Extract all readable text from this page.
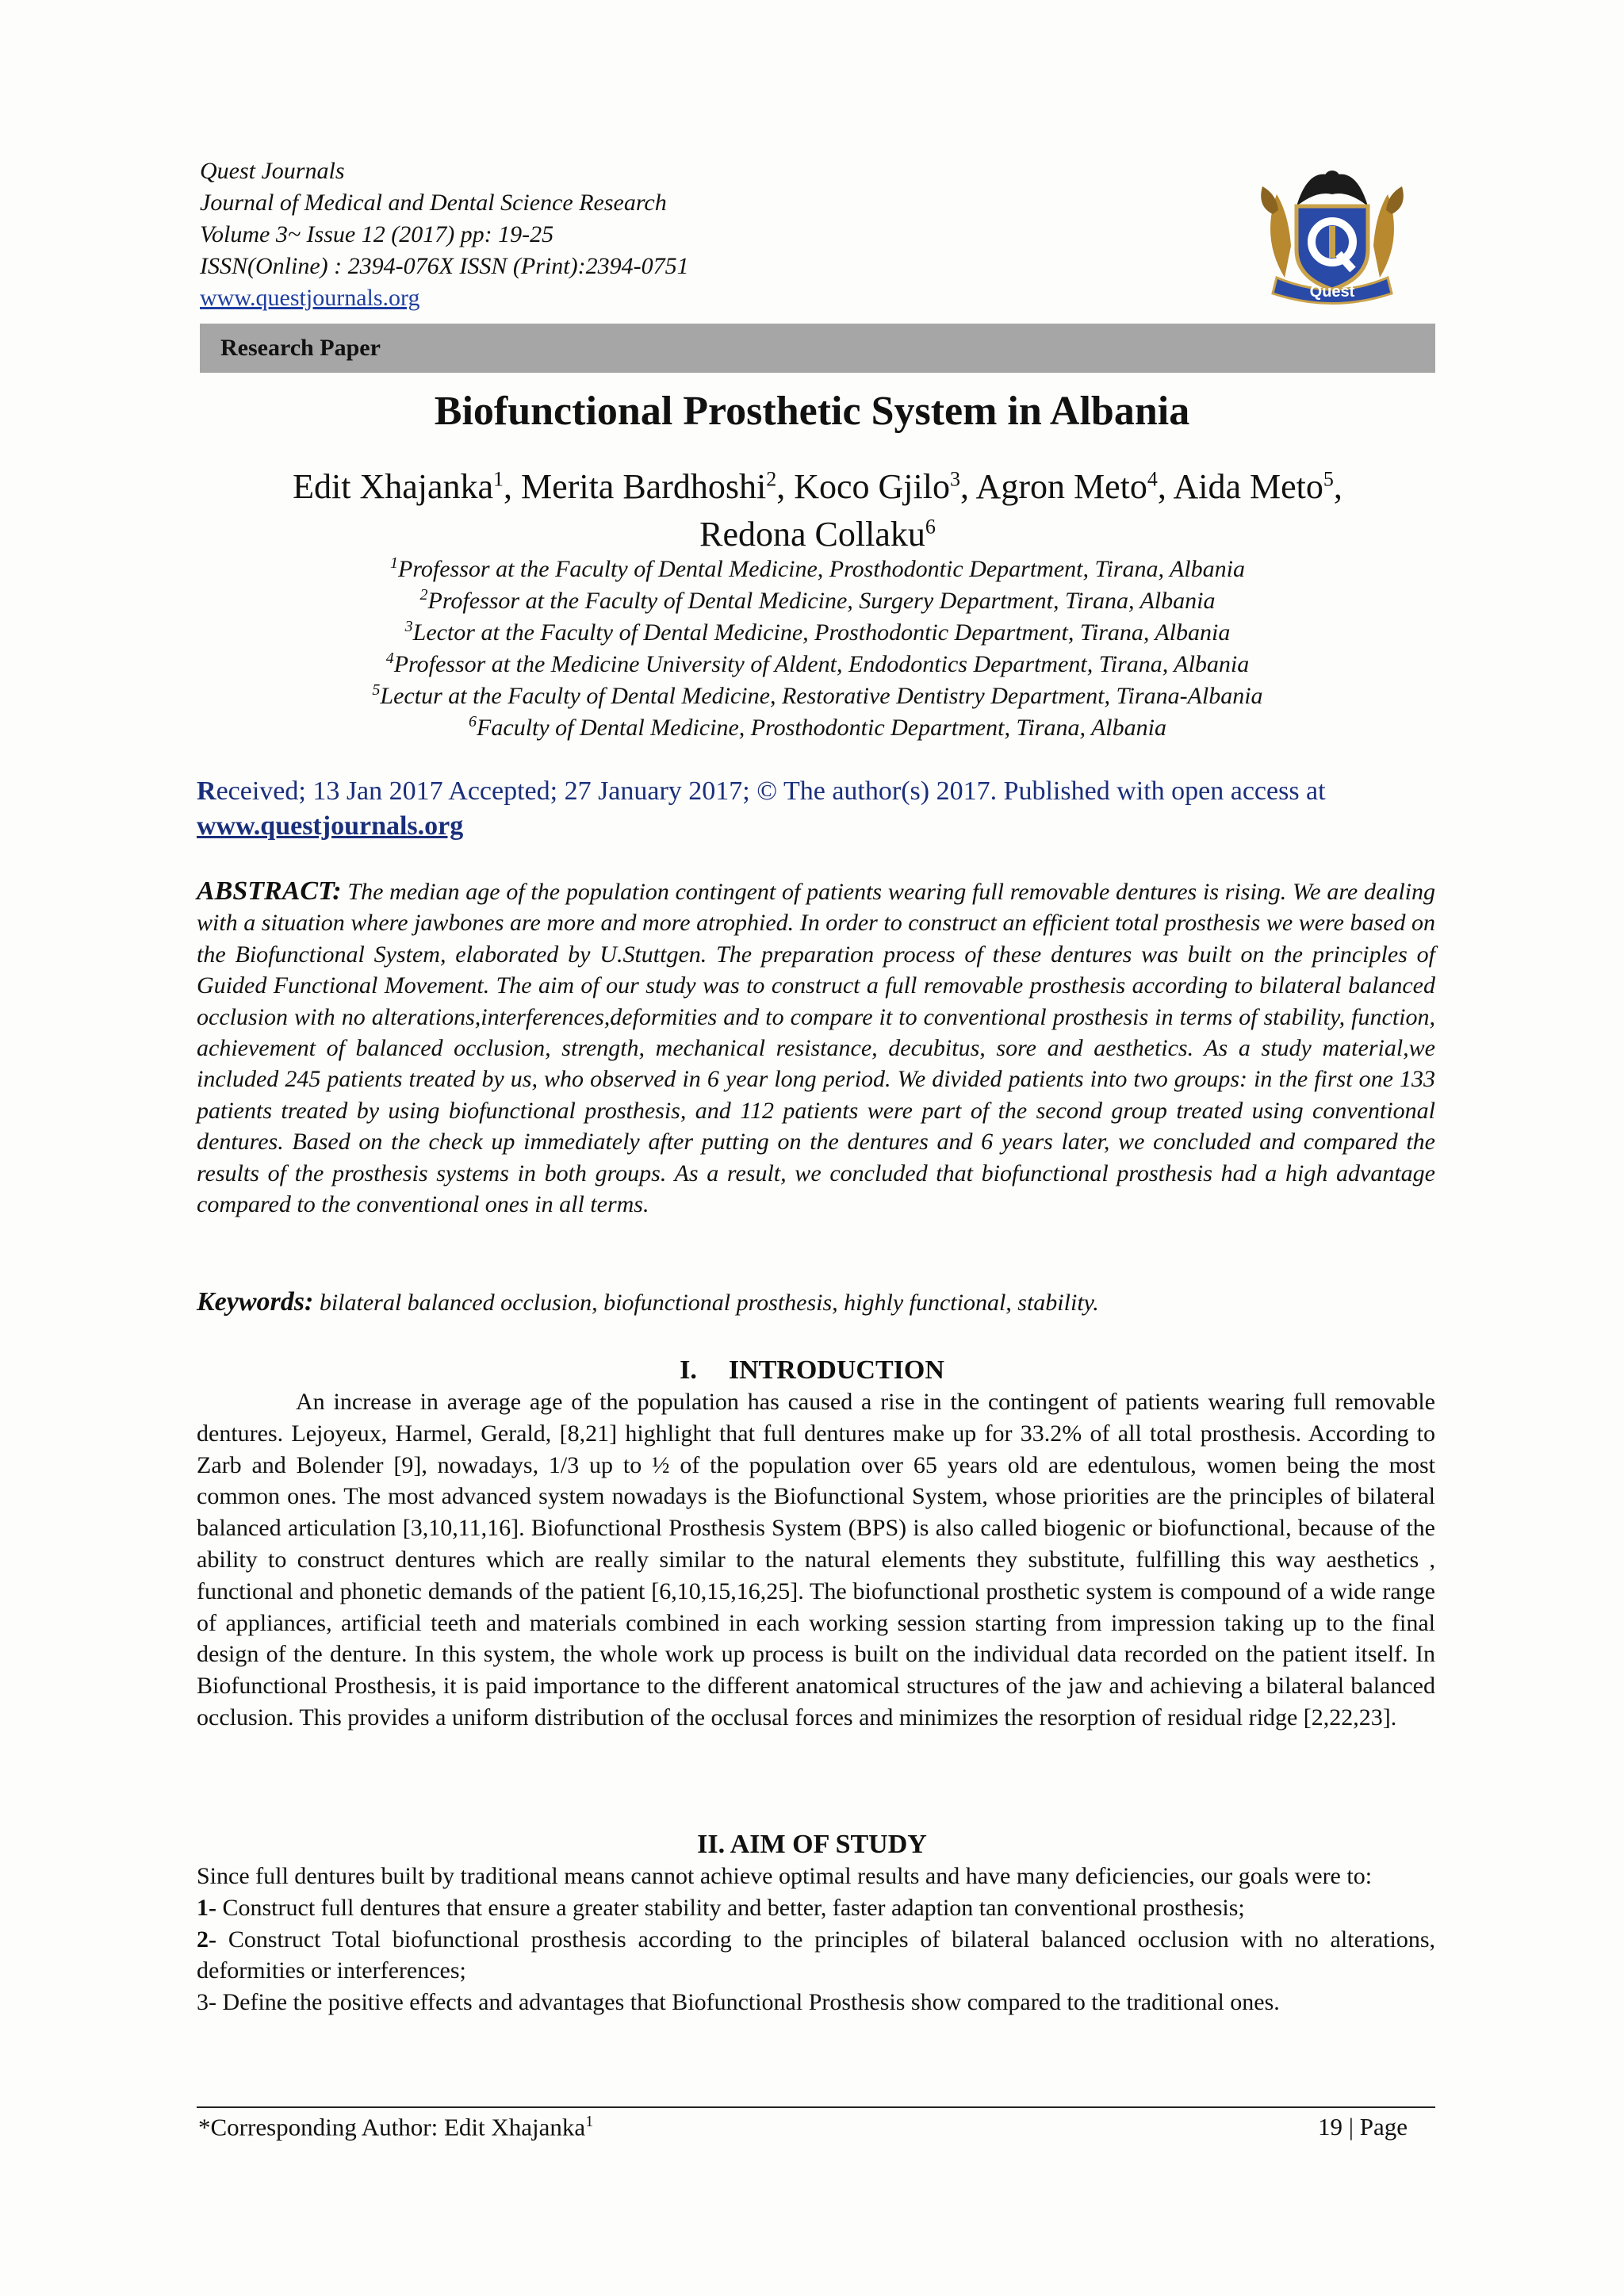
Quest Journals
Journal of Medical and Dental Science Research
Volume 3~ Issue 12 (2017) pp: 19-25
ISSN(Online) : 2394-076X ISSN (Print):2394-0751
www.questjournals.org	Quest
Research Paper
Biofunctional Prosthetic System in Albania
Edit Xhajanka$^1$, Merita Bardhoshi$^2$, Koco Gjilo$^3$, Agron Meto$^4$, Aida Meto$^5$,
Redona Collaku$^6$
$^1$Professor at the Faculty of Dental Medicine, Prosthodontic Department, Tirana, Albania
$^2$Professor at the Faculty of Dental Medicine, Surgery Department, Tirana, Albania
$^3$Lector at the Faculty of Dental Medicine, Prosthodontic Department, Tirana, Albania
$^4$Professor at the Medicine University of Aldent, Endodontics Department, Tirana, Albania
$^5$Lectur at the Faculty of Dental Medicine, Restorative Dentistry Department, Tirana-Albania
$^6$Faculty of Dental Medicine, Prosthodontic Department, Tirana, Albania
Received; 13 Jan 2017 Accepted; 27 January 2017; © The author(s) 2017. Published with open access at www.questjournals.org
ABSTRACT: The median age of the population contingent of patients wearing full removable dentures is rising. We are dealing with a situation where jawbones are more and more atrophied. In order to construct an efficient total prosthesis we were based on the Biofunctional System, elaborated by U.Stuttgen. The preparation process of these dentures was built on the principles of Guided Functional Movement. The aim of our study was to construct a full removable prosthesis according to bilateral balanced occlusion with no alterations,interferences,deformities and to compare it to conventional prosthesis in terms of stability, function, achievement of balanced occlusion, strength, mechanical resistance, decubitus, sore and aesthetics. As a study material,we included 245 patients treated by us, who observed in 6 year long period. We divided patients into two groups: in the first one 133 patients treated by using biofunctional prosthesis, and 112 patients were part of the second group treated using conventional dentures. Based on the check up immediately after putting on the dentures and 6 years later, we concluded and compared the results of the prosthesis systems in both groups. As a result, we concluded that biofunctional prosthesis had a high advantage compared to the conventional ones in all terms.
Keywords: bilateral balanced occlusion, biofunctional prosthesis, highly functional, stability.
I. INTRODUCTION
An increase in average age of the population has caused a rise in the contingent of patients wearing full removable dentures. Lejoyeux, Harmel, Gerald, [8,21] highlight that full dentures make up for 33.2% of all total prosthesis. According to Zarb and Bolender [9], nowadays, 1/3 up to ½ of the population over 65 years old are edentulous, women being the most common ones. The most advanced system nowadays is the Biofunctional System, whose priorities are the principles of bilateral balanced articulation [3,10,11,16]. Biofunctional Prosthesis System (BPS) is also called biogenic or biofunctional, because of the ability to construct dentures which are really similar to the natural elements they substitute, fulfilling this way aesthetics , functional and phonetic demands of the patient [6,10,15,16,25]. The biofunctional prosthetic system is compound of a wide range of appliances, artificial teeth and materials combined in each working session starting from impression taking up to the final design of the denture. In this system, the whole work up process is built on the individual data recorded on the patient itself. In Biofunctional Prosthesis, it is paid importance to the different anatomical structures of the jaw and achieving a bilateral balanced occlusion. This provides a uniform distribution of the occlusal forces and minimizes the resorption of residual ridge [2,22,23].
II. AIM OF STUDY
Since full dentures built by traditional means cannot achieve optimal results and have many deficiencies, our goals were to:
1- Construct full dentures that ensure a greater stability and better, faster adaption tan conventional prosthesis;
2- Construct Total biofunctional prosthesis according to the principles of bilateral balanced occlusion with no alterations, deformities or interferences;
3- Define the positive effects and advantages that Biofunctional Prosthesis show compared to the traditional ones.
*Corresponding Author: Edit Xhajanka$^1$	19 | Page
